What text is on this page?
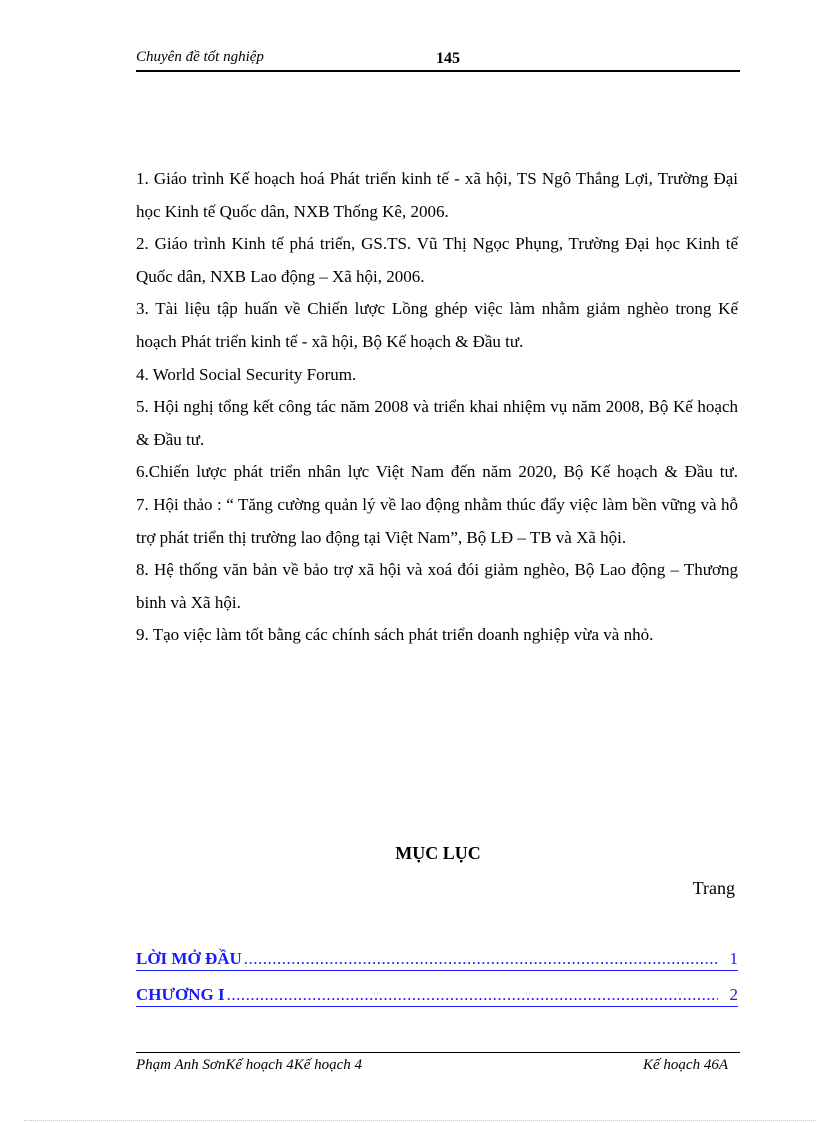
Chuyên đề tốt nghiệp	145

1. Giáo trình Kế hoạch hoá Phát triển kinh tế - xã hội, TS Ngô Thắng Lợi, Trường Đại học Kinh tế Quốc dân, NXB Thống Kê, 2006.

2. Giáo trình Kinh tế phá triển, GS.TS. Vũ Thị Ngọc Phụng, Trường Đại học Kinh tế Quốc dân, NXB Lao động – Xã hội, 2006.

3. Tài liệu tập huấn về Chiến lược Lồng ghép việc làm nhằm giảm nghèo trong Kế hoạch Phát triển kinh tế - xã hội, Bộ Kế hoạch & Đầu tư.

4. World Social Security Forum.

5. Hội nghị tổng kết công tác năm 2008 và triển khai nhiệm vụ năm 2008, Bộ Kế hoạch & Đầu tư.

6.Chiến lược phát triển nhân lực Việt Nam đến năm 2020, Bộ Kế hoạch & Đầu tư.

7. Hội thảo : “ Tăng cường quản lý về lao động nhằm thúc đẩy việc làm bền vững và hỗ trợ phát triển thị trường lao động tại Việt Nam”, Bộ LĐ – TB và Xã hội.

8. Hệ thống văn bản về bảo trợ xã hội và xoá đói giảm nghèo, Bộ Lao động – Thương binh và Xã hội.

9. Tạo việc làm tốt bằng các chính sách phát triển doanh nghiệp vừa và nhỏ.

MỤC LỤC
Trang
LỜI MỞ ĐẦU .....	1
CHƯƠNG I .....	2
Phạm Anh SơnKế hoạch 4Kế hoạch 4	Kế hoạch 46A
